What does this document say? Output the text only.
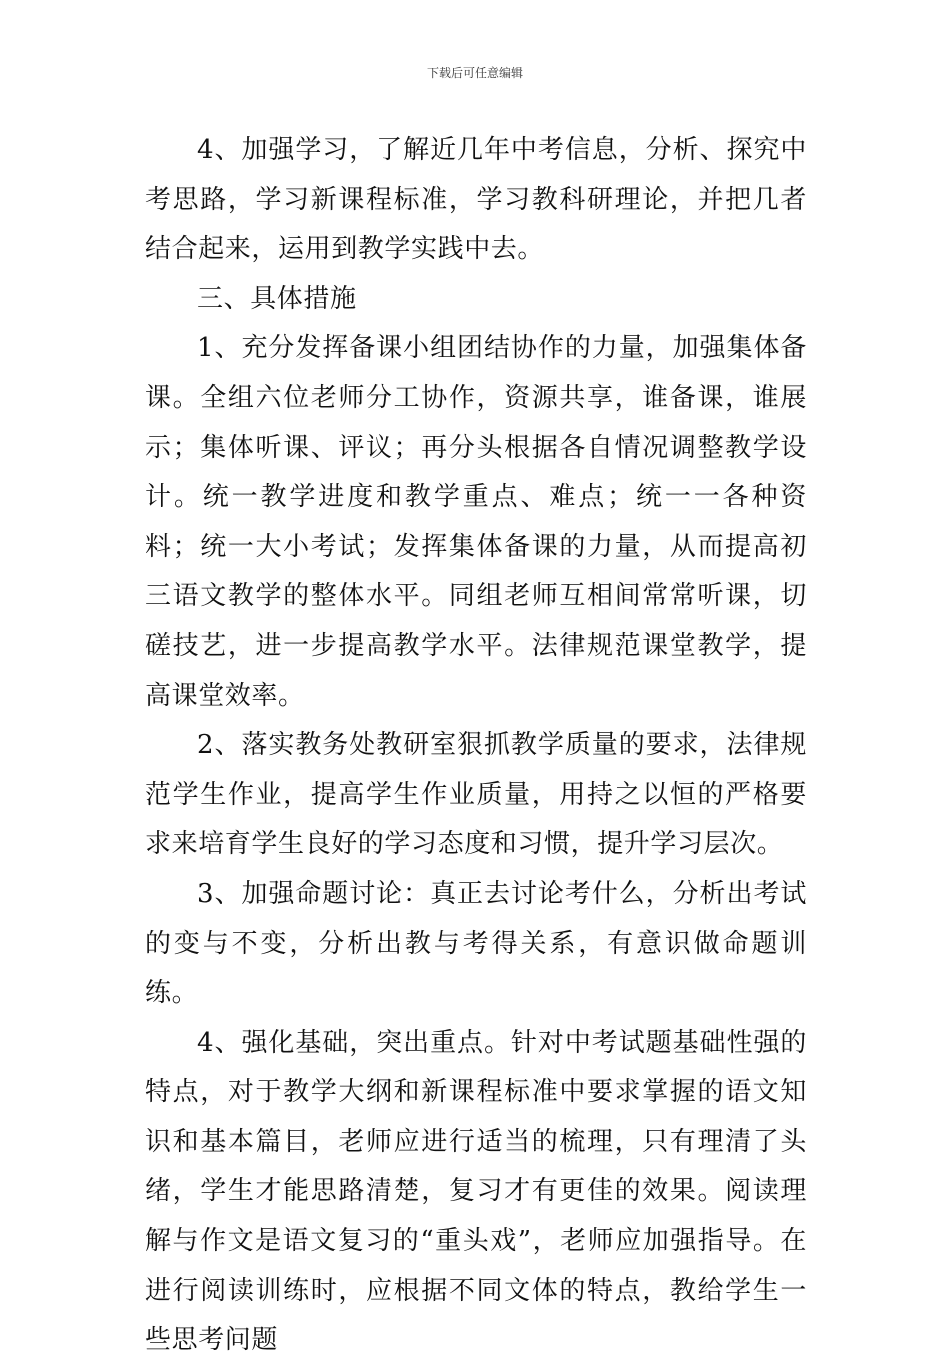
下载后可任意编辑

4、加强学习，了解近几年中考信息，分析、探究中考思路，学习新课程标准，学习教科研理论，并把几者结合起来，运用到教学实践中去。

三、具体措施

1、充分发挥备课小组团结协作的力量，加强集体备课。全组六位老师分工协作，资源共享，谁备课，谁展示；集体听课、评议；再分头根据各自情况调整教学设计。统一教学进度和教学重点、难点；统一一各种资料；统一大小考试；发挥集体备课的力量，从而提高初三语文教学的整体水平。同组老师互相间常常听课，切磋技艺，进一步提高教学水平。法律规范课堂教学，提高课堂效率。

2、落实教务处教研室狠抓教学质量的要求，法律规范学生作业，提高学生作业质量，用持之以恒的严格要求来培育学生良好的学习态度和习惯，提升学习层次。

3、加强命题讨论：真正去讨论考什么，分析出考试的变与不变，分析出教与考得关系，有意识做命题训练。

4、强化基础，突出重点。针对中考试题基础性强的特点，对于教学大纲和新课程标准中要求掌握的语文知识和基本篇目，老师应进行适当的梳理，只有理清了头绪，学生才能思路清楚，复习才有更佳的效果。阅读理解与作文是语文复习的“重头戏”，老师应加强指导。在进行阅读训练时，应根据不同文体的特点，教给学生一些思考问题
